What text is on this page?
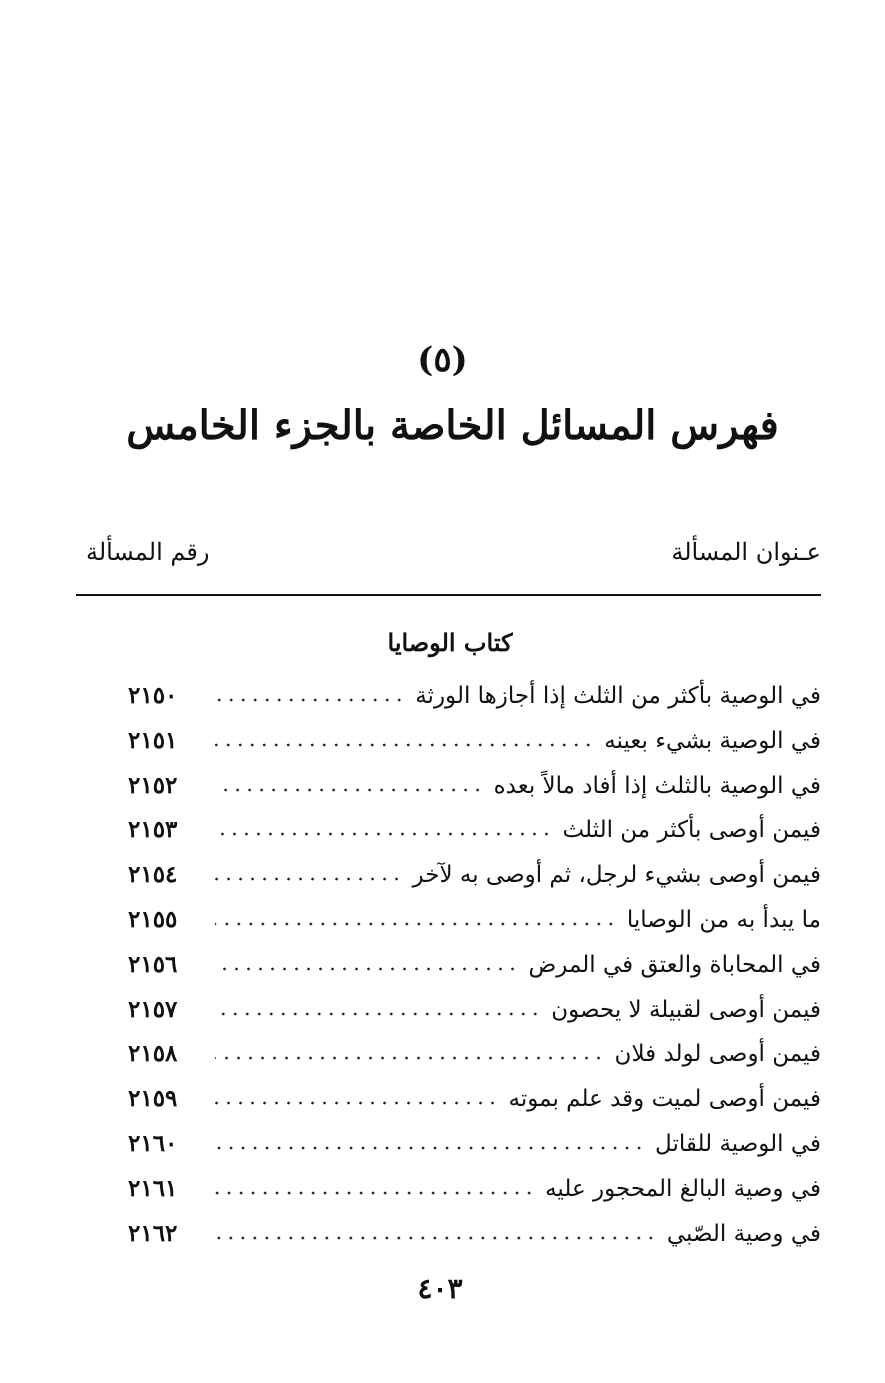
(٥)
فهرس المسائل الخاصة بالجزء الخامس
عـنوان المسألة
رقم المسألة
كتاب الوصايا
في الوصية بأكثر من الثلث إذا أجازها الورثة
٢١٥٠
في الوصية بشيء بعينه
٢١٥١
في الوصية بالثلث إذا أفاد مالاً بعده
٢١٥٢
فيمن أوصى بأكثر من الثلث
٢١٥٣
فيمن أوصى بشيء لرجل، ثم أوصى به لآخر
٢١٥٤
ما يبدأ به من الوصايا
٢١٥٥
في المحاباة والعتق في المرض
٢١٥٦
فيمن أوصى لقبيلة لا يحصون
٢١٥٧
فيمن أوصى لولد فلان
٢١٥٨
فيمن أوصى لميت وقد علم بموته
٢١٥٩
في الوصية للقاتل
٢١٦٠
في وصية البالغ المحجور عليه
٢١٦١
في وصية الصّبي
٢١٦٢
٤٠٣
